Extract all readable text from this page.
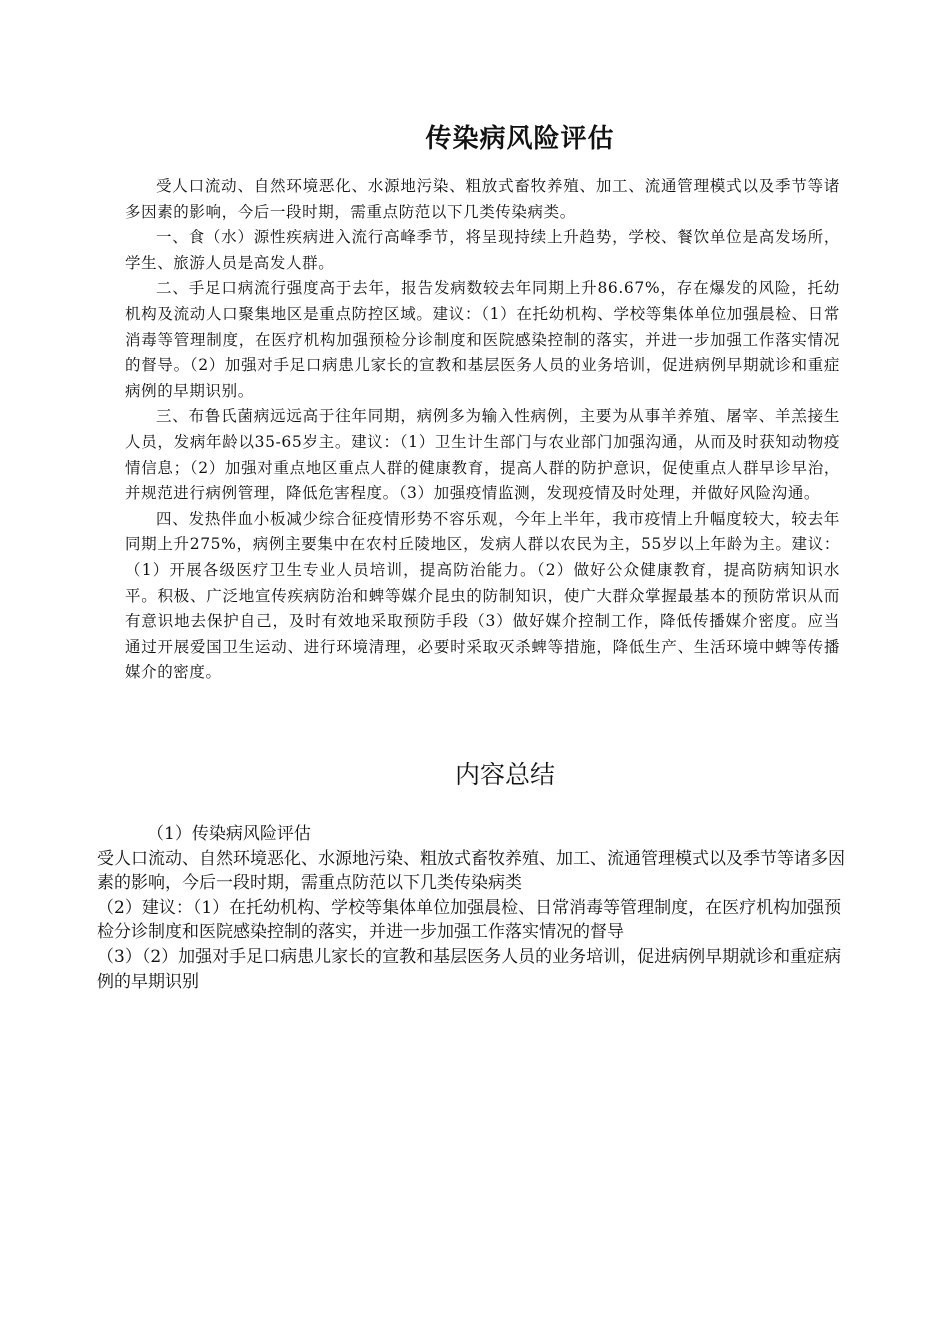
传染病风险评估

受人口流动、自然环境恶化、水源地污染、粗放式畜牧养殖、加工、流通管理模式以及季节等诸多因素的影响，今后一段时期，需重点防范以下几类传染病类。

一、食（水）源性疾病进入流行高峰季节，将呈现持续上升趋势，学校、餐饮单位是高发场所，学生、旅游人员是高发人群。

二、手足口病流行强度高于去年，报告发病数较去年同期上升86.67%，存在爆发的风险，托幼机构及流动人口聚集地区是重点防控区域。建议：（1）在托幼机构、学校等集体单位加强晨检、日常消毒等管理制度，在医疗机构加强预检分诊制度和医院感染控制的落实，并进一步加强工作落实情况的督导。（2）加强对手足口病患儿家长的宣教和基层医务人员的业务培训，促进病例早期就诊和重症病例的早期识别。

三、布鲁氏菌病远远高于往年同期，病例多为输入性病例，主要为从事羊养殖、屠宰、羊羔接生人员，发病年龄以35-65岁主。建议：（1）卫生计生部门与农业部门加强沟通，从而及时获知动物疫情信息；（2）加强对重点地区重点人群的健康教育，提高人群的防护意识，促使重点人群早诊早治，并规范进行病例管理，降低危害程度。（3）加强疫情监测，发现疫情及时处理，并做好风险沟通。

四、发热伴血小板减少综合征疫情形势不容乐观，今年上半年，我市疫情上升幅度较大，较去年同期上升275%，病例主要集中在农村丘陵地区，发病人群以农民为主，55岁以上年龄为主。建议：（1）开展各级医疗卫生专业人员培训，提高防治能力。（2）做好公众健康教育，提高防病知识水平。积极、广泛地宣传疾病防治和蜱等媒介昆虫的防制知识，使广大群众掌握最基本的预防常识从而有意识地去保护自己，及时有效地采取预防手段（3）做好媒介控制工作，降低传播媒介密度。应当通过开展爱国卫生运动、进行环境清理，必要时采取灭杀蜱等措施，降低生产、生活环境中蜱等传播媒介的密度。

内容总结

（1）传染病风险评估

受人口流动、自然环境恶化、水源地污染、粗放式畜牧养殖、加工、流通管理模式以及季节等诸多因素的影响，今后一段时期，需重点防范以下几类传染病类

（2）建议：（1）在托幼机构、学校等集体单位加强晨检、日常消毒等管理制度，在医疗机构加强预检分诊制度和医院感染控制的落实，并进一步加强工作落实情况的督导

（3）（2）加强对手足口病患儿家长的宣教和基层医务人员的业务培训，促进病例早期就诊和重症病例的早期识别
